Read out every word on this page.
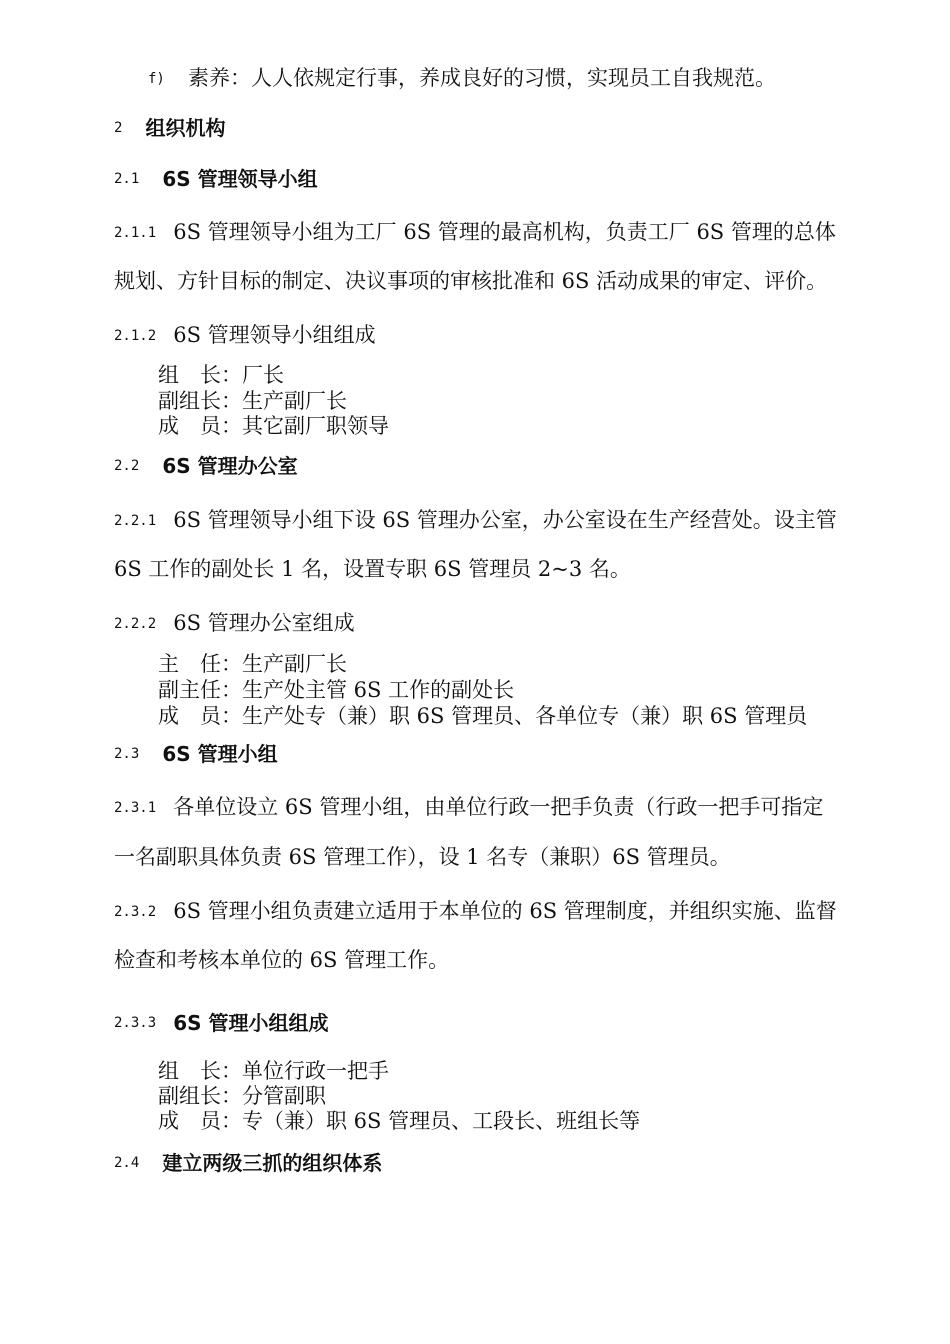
f) 素养：人人依规定行事，养成良好的习惯，实现员工自我规范。
2 组织机构
2.1 6S 管理领导小组
2.1.1 6S 管理领导小组为工厂 6S 管理的最高机构，负责工厂 6S 管理的总体
规划、方针目标的制定、决议事项的审核批准和 6S 活动成果的审定、评价。
2.1.2 6S 管理领导小组组成
组　长：厂长
副组长：生产副厂长
成　员：其它副厂职领导
2.2 6S 管理办公室
2.2.1 6S 管理领导小组下设 6S 管理办公室，办公室设在生产经营处。设主管
6S 工作的副处长 1 名，设置专职 6S 管理员 2~3 名。
2.2.2 6S 管理办公室组成
主　任：生产副厂长
副主任：生产处主管 6S 工作的副处长
成　员：生产处专（兼）职 6S 管理员、各单位专（兼）职 6S 管理员
2.3 6S 管理小组
2.3.1 各单位设立 6S 管理小组，由单位行政一把手负责（行政一把手可指定
一名副职具体负责 6S 管理工作），设 1 名专（兼职）6S 管理员。
2.3.2 6S 管理小组负责建立适用于本单位的 6S 管理制度，并组织实施、监督
检查和考核本单位的 6S 管理工作。
2.3.3 6S 管理小组组成
组　长：单位行政一把手
副组长：分管副职
成　员：专（兼）职 6S 管理员、工段长、班组长等
2.4 建立两级三抓的组织体系
